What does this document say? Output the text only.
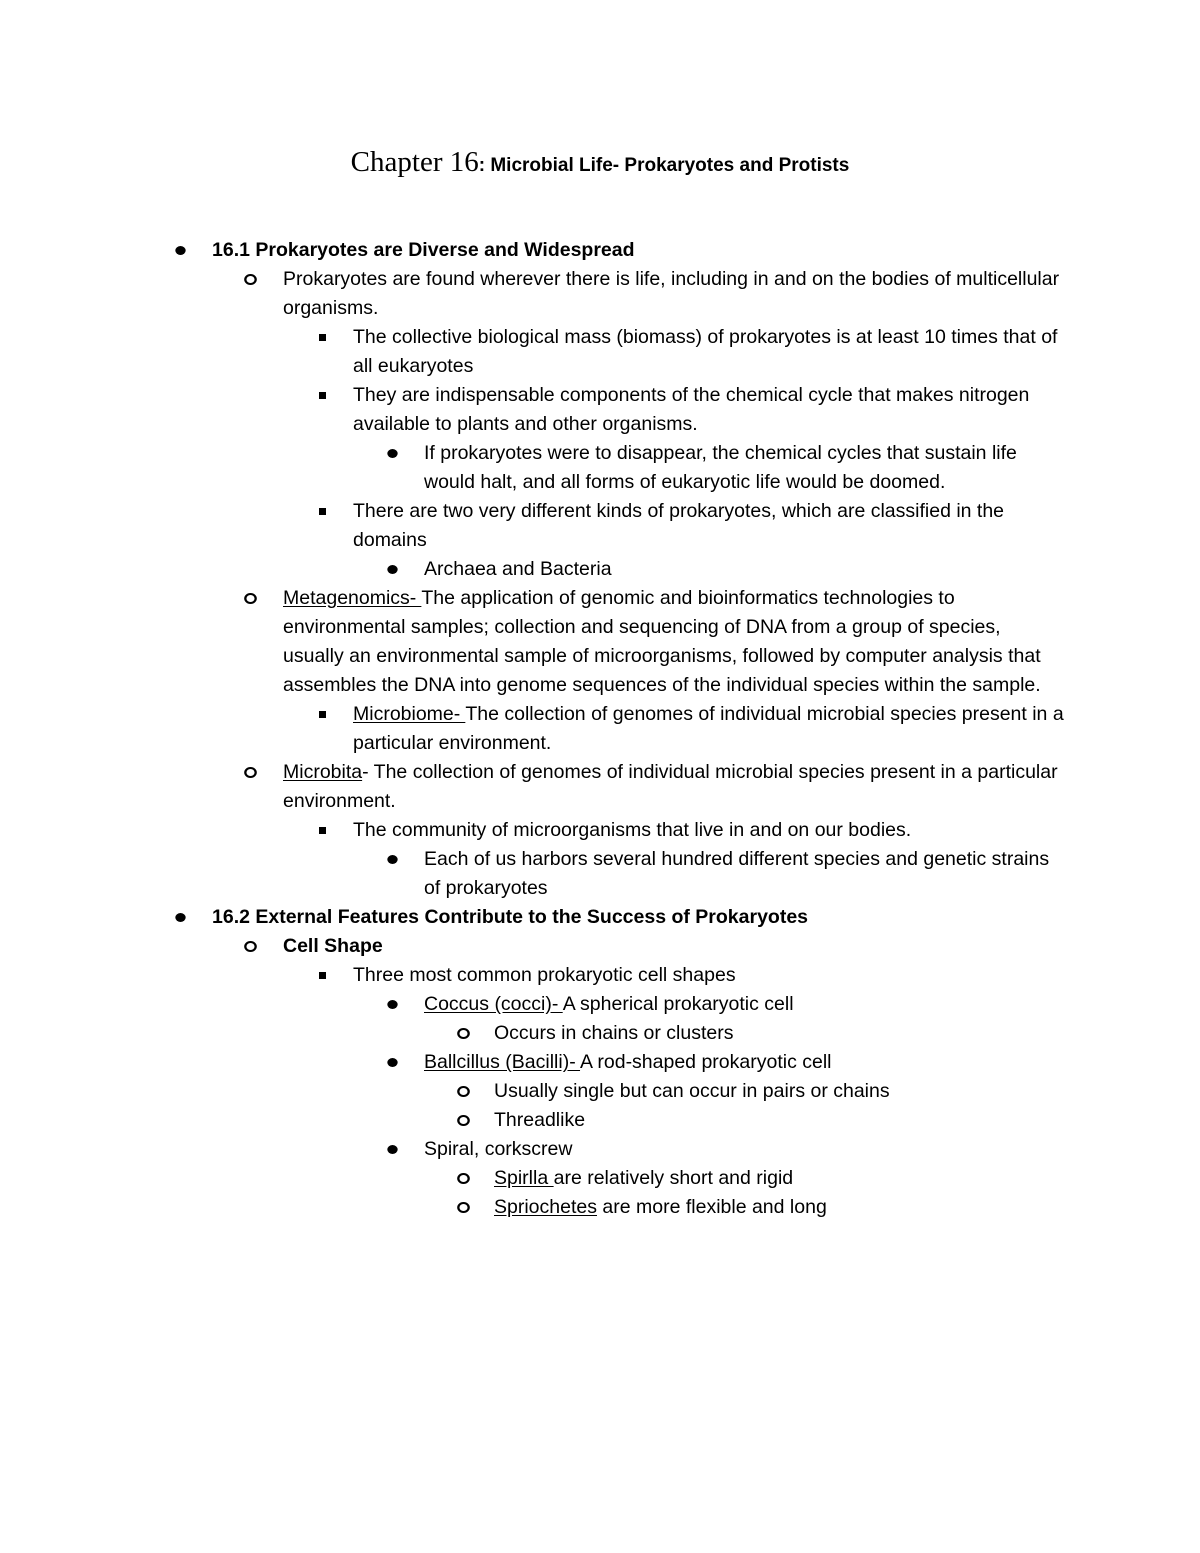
Chapter 16: Microbial Life- Prokaryotes and Protists
16.1 Prokaryotes are Diverse and Widespread
Prokaryotes are found wherever there is life, including in and on the bodies of multicellular organisms.
The collective biological mass (biomass) of prokaryotes is at least 10 times that of all eukaryotes
They are indispensable components of the chemical cycle that makes nitrogen available to plants and other organisms.
If prokaryotes were to disappear, the chemical cycles that sustain life would halt, and all forms of eukaryotic life would be doomed.
There are two very different kinds of prokaryotes, which are classified in the domains
Archaea and Bacteria
Metagenomics- The application of genomic and bioinformatics technologies to environmental samples; collection and sequencing of DNA from a group of species, usually an environmental sample of microorganisms, followed by computer analysis that assembles the DNA into genome sequences of the individual species within the sample.
Microbiome- The collection of genomes of individual microbial species present in a particular environment.
Microbita- The collection of genomes of individual microbial species present in a particular environment.
The community of microorganisms that live in and on our bodies.
Each of us harbors several hundred different species and genetic strains of prokaryotes
16.2 External Features Contribute to the Success of Prokaryotes
Cell Shape
Three most common prokaryotic cell shapes
Coccus (cocci)- A spherical prokaryotic cell
Occurs in chains or clusters
Ballcillus (Bacilli)- A rod-shaped prokaryotic cell
Usually single but can occur in pairs or chains
Threadlike
Spiral, corkscrew
Spirlla are relatively short and rigid
Spriochetes are more flexible and long
